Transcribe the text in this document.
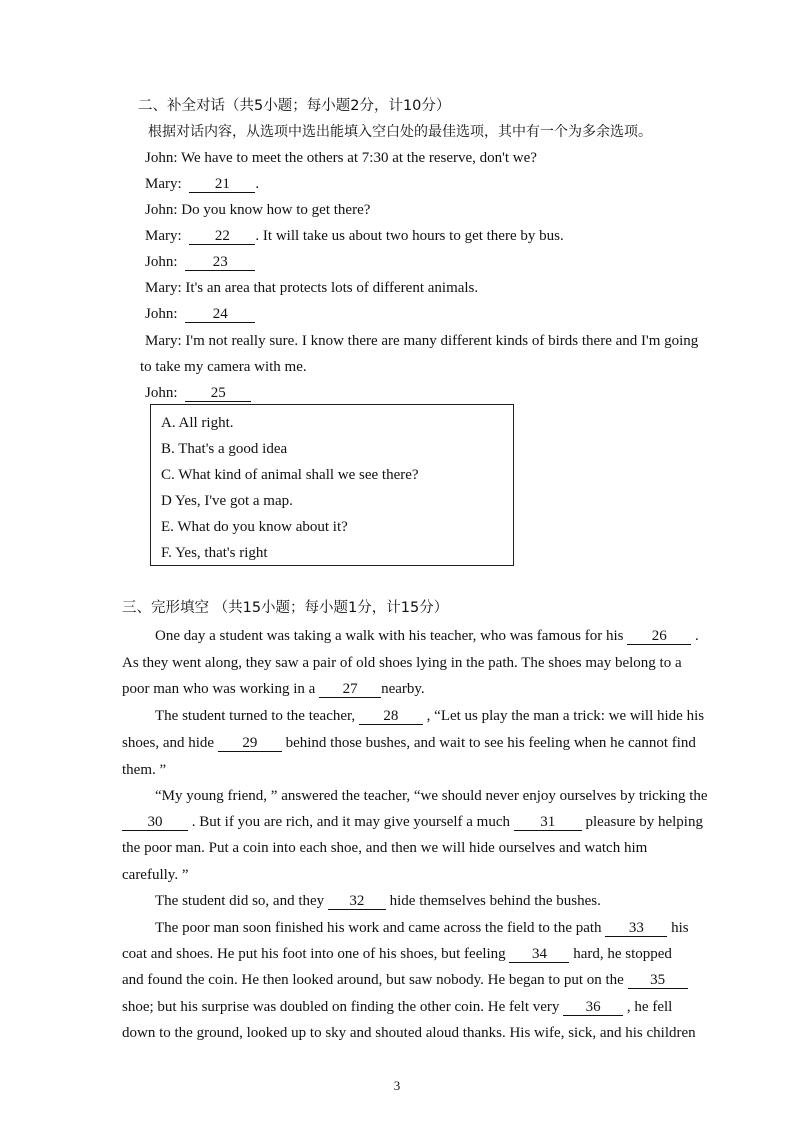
二、补全对话（共5小题；每小题2分，计10分）
根据对话内容，从选项中选出能填入空白处的最佳选项，其中有一个为多余选项。
John: We have to meet the others at 7:30 at the reserve, don't we?
Mary: 21 .
John: Do you know how to get there?
Mary: 22 . It will take us about two hours to get there by bus.
John: 23
Mary: It's an area that protects lots of different animals.
John: 24
Mary: I'm not really sure. I know there are many different kinds of birds there and I'm going
to take my camera with me.
John: 25
A. All right.
B. That's a good idea
C. What kind of animal shall we see there?
D Yes, I've got a map.
E. What do you know about it?
F. Yes, that's right
三、完形填空 （共15小题；每小题1分，计15分）
One day a student was taking a walk with his teacher, who was famous for his 26 .
As they went along, they saw a pair of old shoes lying in the path. The shoes may belong to a
poor man who was working in a 27 nearby.
The student turned to the teacher, 28 , “Let us play the man a trick: we will hide his
shoes, and hide 29 behind those bushes, and wait to see his feeling when he cannot find
them. ”
“My young friend, ” answered the teacher, “we should never enjoy ourselves by tricking the
30 . But if you are rich, and it may give yourself a much 31 pleasure by helping
the poor man. Put a coin into each shoe, and then we will hide ourselves and watch him
carefully. ”
The student did so, and they 32 hide themselves behind the bushes.
The poor man soon finished his work and came across the field to the path 33 his
coat and shoes. He put his foot into one of his shoes, but feeling 34 hard, he stopped
and found the coin. He then looked around, but saw nobody. He began to put on the 35
shoe; but his surprise was doubled on finding the other coin. He felt very 36 , he fell
down to the ground, looked up to sky and shouted aloud thanks. His wife, sick, and his children
3
